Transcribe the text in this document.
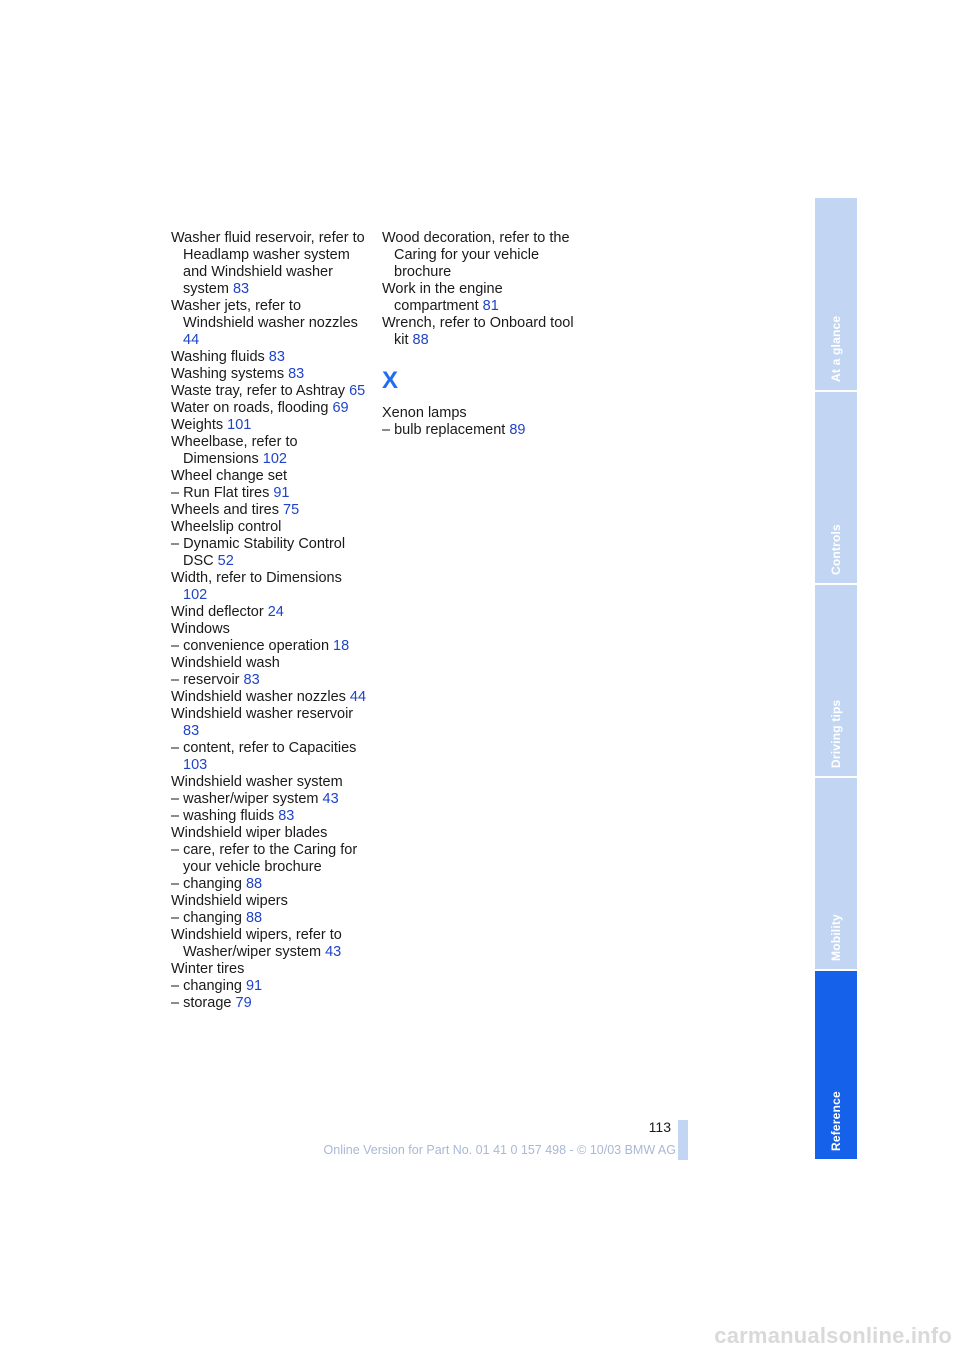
Washer fluid reservoir, refer to Headlamp washer system and Windshield washer system 83

Washer jets, refer to Windshield washer nozzles 44

Washing fluids 83

Washing systems 83

Waste tray, refer to Ashtray 65

Water on roads, flooding 69

Weights 101

Wheelbase, refer to Dimensions 102

Wheel change set

– Run Flat tires 91

Wheels and tires 75

Wheelslip control

– Dynamic Stability Control DSC 52

Width, refer to Dimensions 102

Wind deflector 24

Windows

– convenience operation 18

Windshield wash

– reservoir 83

Windshield washer nozzles 44

Windshield washer reservoir 83

– content, refer to Capacities 103

Windshield washer system

– washer/wiper system 43

– washing fluids 83

Windshield wiper blades

– care, refer to the Caring for your vehicle brochure

– changing 88

Windshield wipers

– changing 88

Windshield wipers, refer to Washer/wiper system 43

Winter tires

– changing 91

– storage 79

Wood decoration, refer to the Caring for your vehicle brochure

Work in the engine compartment 81

Wrench, refer to Onboard tool kit 88

X

Xenon lamps

– bulb replacement 89

At a glance
Controls
Driving tips
Mobility
Reference
113
Online Version for Part No. 01 41 0 157 498 - © 10/03 BMW AG
carmanualsonline.info
